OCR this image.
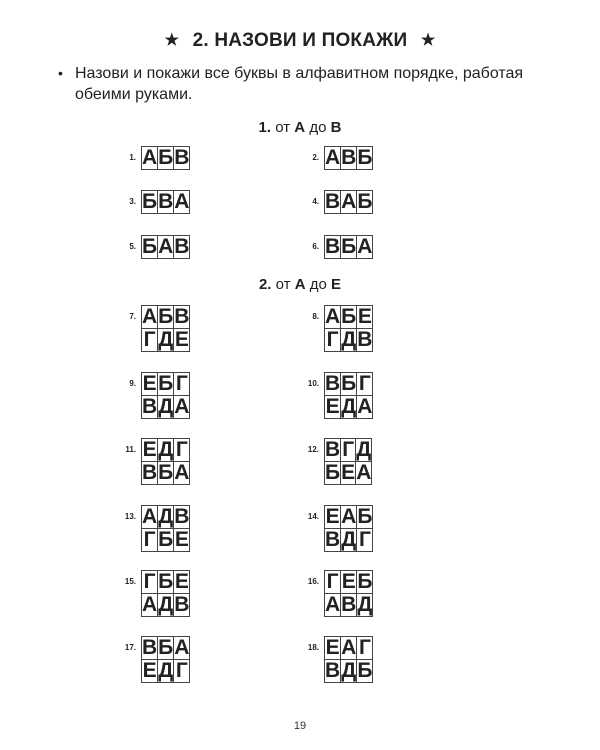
★ 2. НАЗОВИ И ПОКАЖИ ★
• Назови и покажи все буквы в алфавитном порядке, работая обеими руками.
1. от А до В
2. от А до Е
1. А	Б	В	2. А	В	Б
3. Б	В	А	4. В	А	Б
5. Б	А	В	6. В	Б	А
7. А	Б	В
Г	Д	Е
8. А	Б	Е
Г	Д	В
9. Е	Б	Г
В	Д	А
10. В	Б	Г
Е	Д	А
11. Е	Д	Г
В	Б	А
12. В	Г	Д
Б	Е	А
13. А	Д	В
Г	Б	Е
14. Е	А	Б
В	Д	Г
15. Г	Б	Е
А	Д	В
16. Г	Е	Б
А	В	Д
17. В	Б	А
Е	Д	Г
18. Е	А	Г
В	Д	Б
19
